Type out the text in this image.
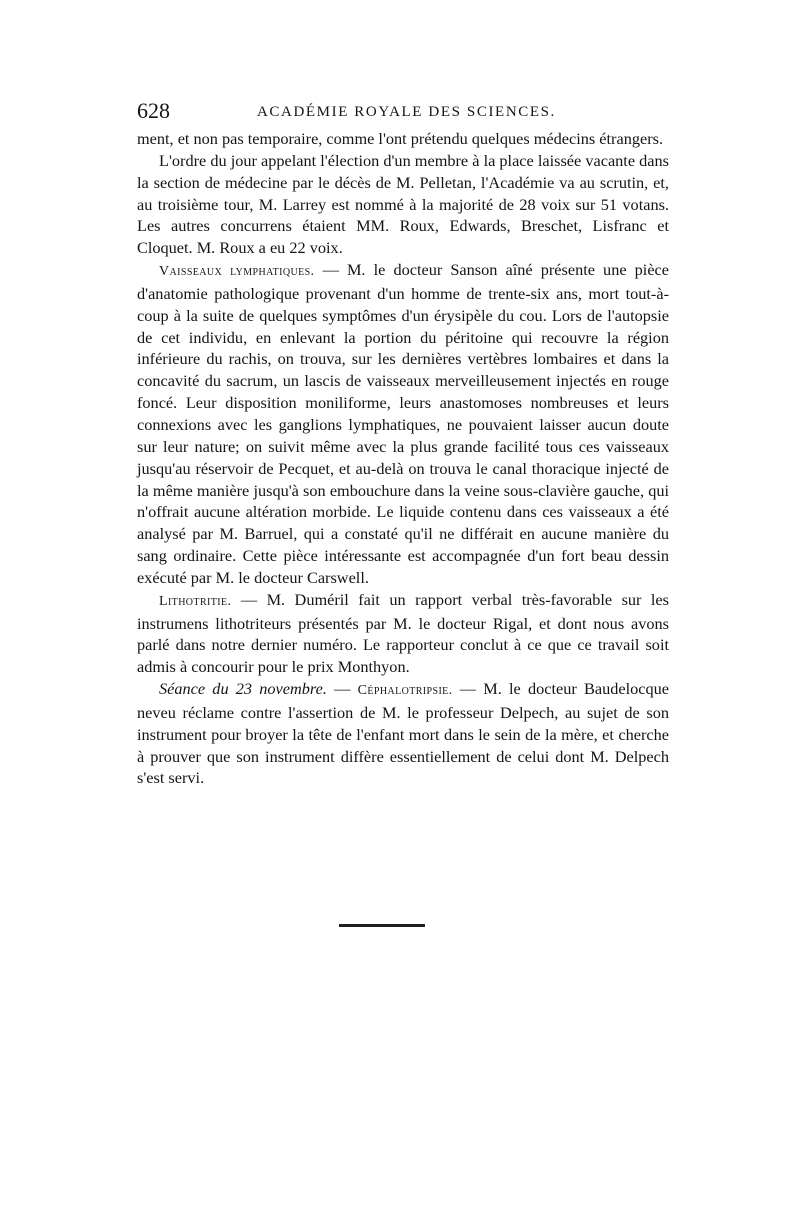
628	ACADÉMIE ROYALE DES SCIENCES.

ment, et non pas temporaire, comme l'ont prétendu quelques médecins étrangers.

L'ordre du jour appelant l'élection d'un membre à la place laissée vacante dans la section de médecine par le décès de M. Pelletan, l'Académie va au scrutin, et, au troisième tour, M. Larrey est nommé à la majorité de 28 voix sur 51 votans. Les autres concurrens étaient MM. Roux, Edwards, Breschet, Lisfranc et Cloquet. M. Roux a eu 22 voix.

Vaisseaux lymphatiques. — M. le docteur Sanson aîné présente une pièce d'anatomie pathologique provenant d'un homme de trente-six ans, mort tout-à-coup à la suite de quelques symptômes d'un érysipèle du cou. Lors de l'autopsie de cet individu, en enlevant la portion du péritoine qui recouvre la région inférieure du rachis, on trouva, sur les dernières vertèbres lombaires et dans la concavité du sacrum, un lascis de vaisseaux merveilleusement injectés en rouge foncé. Leur disposition moniliforme, leurs anastomoses nombreuses et leurs connexions avec les ganglions lymphatiques, ne pouvaient laisser aucun doute sur leur nature; on suivit même avec la plus grande facilité tous ces vaisseaux jusqu'au réservoir de Pecquet, et au-delà on trouva le canal thoracique injecté de la même manière jusqu'à son embouchure dans la veine sous-clavière gauche, qui n'offrait aucune altération morbide. Le liquide contenu dans ces vaisseaux a été analysé par M. Barruel, qui a constaté qu'il ne différait en aucune manière du sang ordinaire. Cette pièce intéressante est accompagnée d'un fort beau dessin exécuté par M. le docteur Carswell.

Lithotritie. — M. Duméril fait un rapport verbal très-favorable sur les instrumens lithotriteurs présentés par M. le docteur Rigal, et dont nous avons parlé dans notre dernier numéro. Le rapporteur conclut à ce que ce travail soit admis à concourir pour le prix Monthyon.

Séance du 23 novembre. — Céphalotripsie. — M. le docteur Baudelocque neveu réclame contre l'assertion de M. le professeur Delpech, au sujet de son instrument pour broyer la tête de l'enfant mort dans le sein de la mère, et cherche à prouver que son instrument diffère essentiellement de celui dont M. Delpech s'est servi.
